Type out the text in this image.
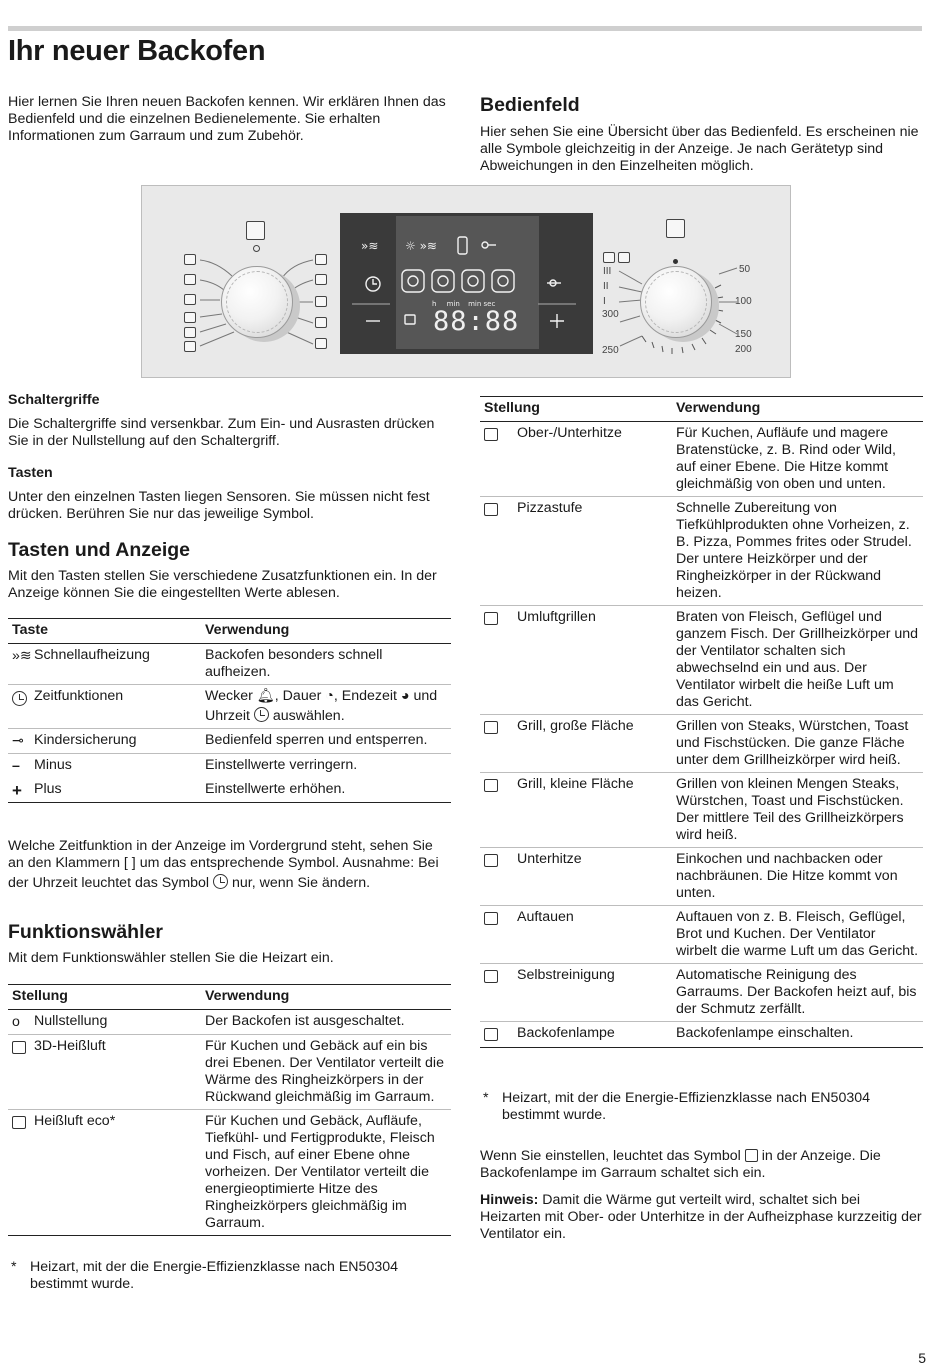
Ihr neuer Backofen

Hier lernen Sie Ihren neuen Backofen kennen. Wir erklären Ihnen das Bedienfeld und die einzelnen Bedienelemente. Sie erhalten Informationen zum Garraum und zum Zubehör.

Bedienfeld

Hier sehen Sie eine Übersicht über das Bedienfeld. Es erscheinen nie alle Symbole gleichzeitig in der Anzeige. Je nach Gerätetyp sind Abweichungen in den Einzelheiten möglich.

»≋ ☼ »≋
h min min sec
88:88
III
II
I
50
100
150
200
250
300
Schaltergriffe

Die Schaltergriffe sind versenkbar. Zum Ein- und Ausrasten drücken Sie in der Nullstellung auf den Schaltergriff.

Tasten

Unter den einzelnen Tasten liegen Sensoren. Sie müssen nicht fest drücken. Berühren Sie nur das jeweilige Symbol.

Tasten und Anzeige

Mit den Tasten stellen Sie verschiedene Zusatzfunktionen ein. In der Anzeige können Sie die eingestellten Werte ablesen.

Taste	Verwendung
»≋ Schnellaufheizung	Backofen besonders schnell aufheizen.
Zeitfunktionen	Wecker 🔔︎, Dauer ◔, Endezeit ◕ und Uhrzeit auswählen.
⊸ Kindersicherung	Bedienfeld sperren und entsperren.
– Minus	Einstellwerte verringern.
+ Plus	Einstellwerte erhöhen.

Welche Zeitfunktion in der Anzeige im Vordergrund steht, sehen Sie an den Klammern [ ] um das entsprechende Symbol. Ausnahme: Bei der Uhrzeit leuchtet das Symbol nur, wenn Sie ändern.

Funktionswähler

Mit dem Funktionswähler stellen Sie die Heizart ein.

Stellung	Verwendung
o Nullstellung	Der Backofen ist ausgeschaltet.
3D-Heißluft	Für Kuchen und Gebäck auf ein bis drei Ebenen. Der Ventilator verteilt die Wärme des Ringheizkörpers in der Rückwand gleichmäßig im Garraum.
Heißluft eco*	Für Kuchen und Gebäck, Aufläufe, Tiefkühl- und Fertigprodukte, Fleisch und Fisch, auf einer Ebene ohne vorheizen. Der Ventilator verteilt die energieoptimierte Hitze des Ringheizkörpers gleichmäßig im Garraum.
* Heizart, mit der die Energie-Effizienzklasse nach EN50304 bestimmt wurde.
Stellung	Verwendung
Ober-/Unterhitze	Für Kuchen, Aufläufe und magere Bratenstücke, z. B. Rind oder Wild, auf einer Ebene. Die Hitze kommt gleichmäßig von oben und unten.
Pizzastufe	Schnelle Zubereitung von Tiefkühlprodukten ohne Vorheizen, z. B. Pizza, Pommes frites oder Strudel. Der untere Heizkörper und der Ringheizkörper in der Rückwand heizen.
Umluftgrillen	Braten von Fleisch, Geflügel und ganzem Fisch. Der Grillheizkörper und der Ventilator schalten sich abwechselnd ein und aus. Der Ventilator wirbelt die heiße Luft um das Gericht.
Grill, große Fläche	Grillen von Steaks, Würstchen, Toast und Fischstücken. Die ganze Fläche unter dem Grillheizkörper wird heiß.
Grill, kleine Fläche	Grillen von kleinen Mengen Steaks, Würstchen, Toast und Fischstücken. Der mittlere Teil des Grillheizkörpers wird heiß.
Unterhitze	Einkochen und nachbacken oder nachbräunen. Die Hitze kommt von unten.
Auftauen	Auftauen von z. B. Fleisch, Geflügel, Brot und Kuchen. Der Ventilator wirbelt die warme Luft um das Gericht.
Selbstreinigung	Automatische Reinigung des Garraums. Der Backofen heizt auf, bis der Schmutz zerfällt.
Backofenlampe	Backofenlampe einschalten.
* Heizart, mit der die Energie-Effizienzklasse nach EN50304 bestimmt wurde.

Wenn Sie einstellen, leuchtet das Symbol in der Anzeige. Die Backofenlampe im Garraum schaltet sich ein.

Hinweis: Damit die Wärme gut verteilt wird, schaltet sich bei Heizarten mit Ober- oder Unterhitze in der Aufheizphase kurzzeitig der Ventilator ein.

5
